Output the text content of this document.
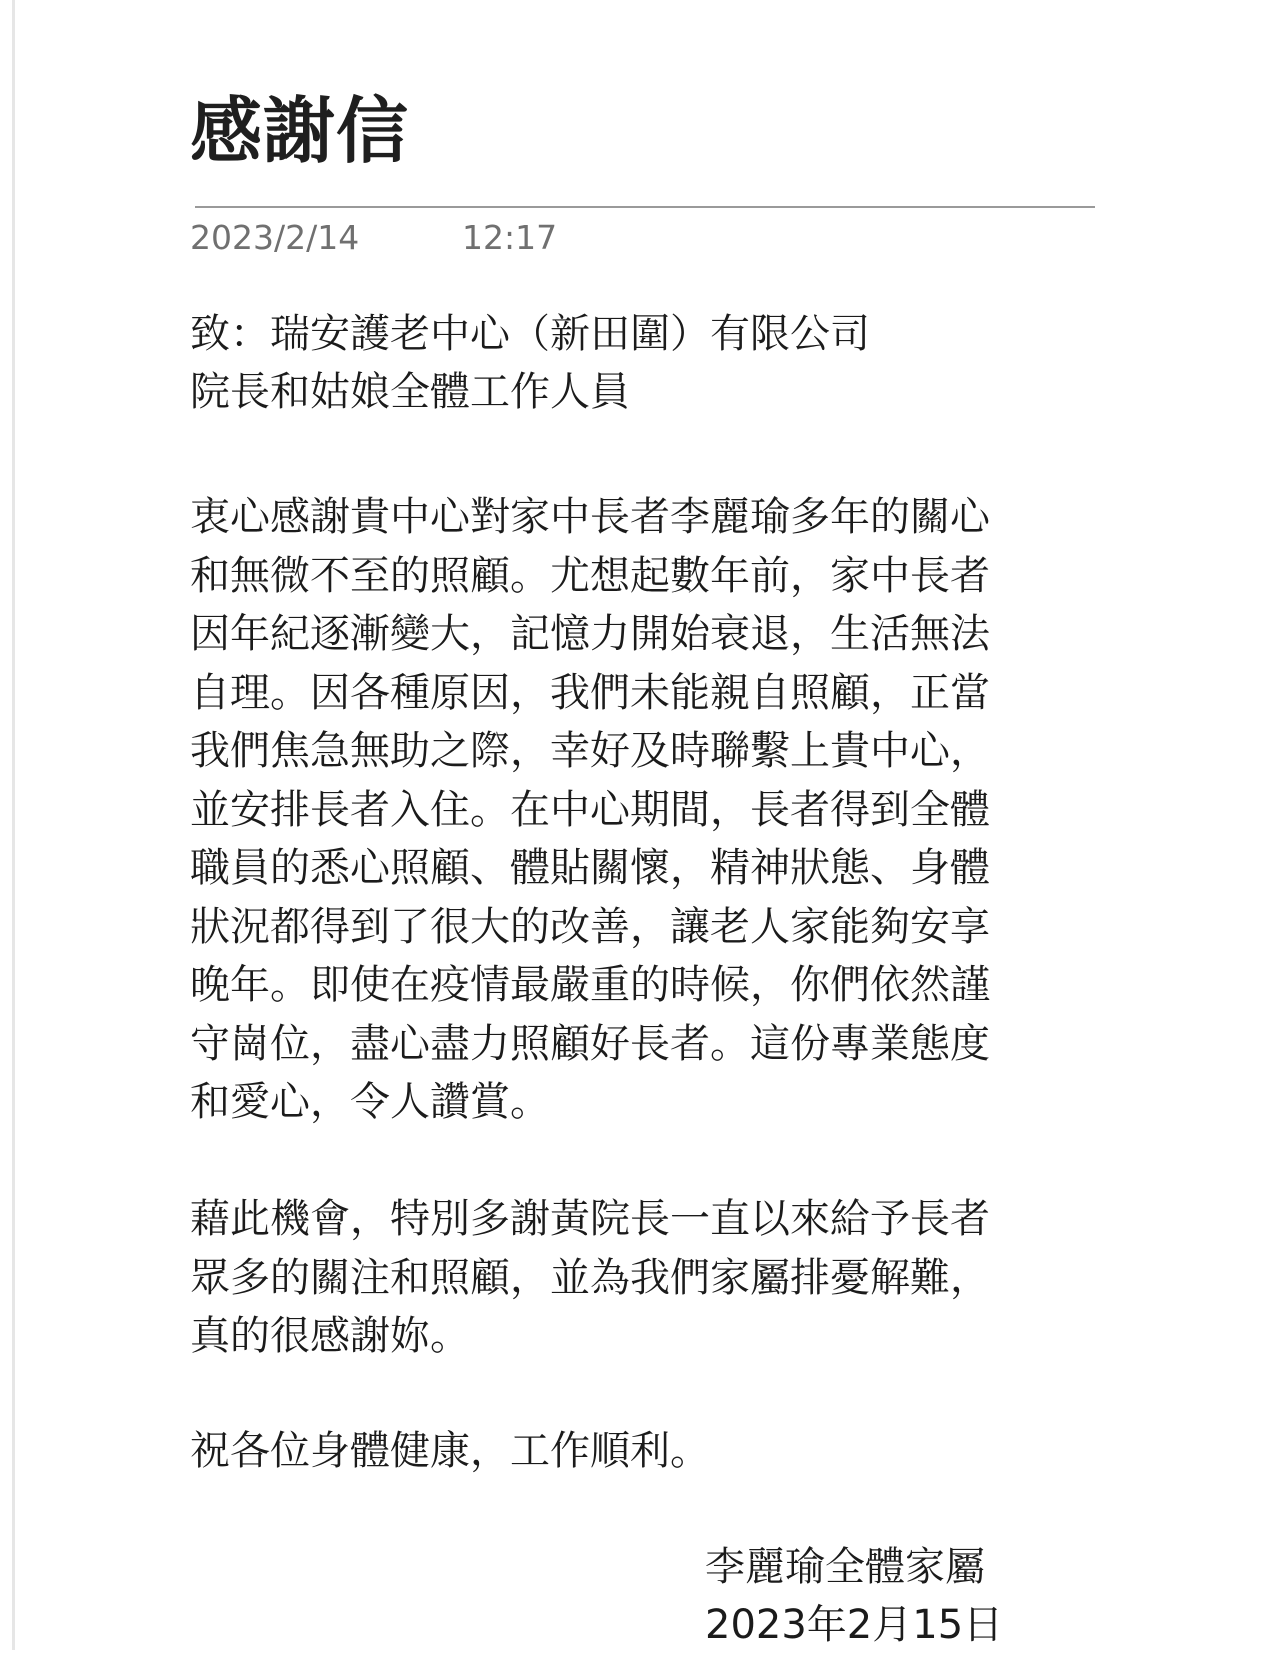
感謝信
2023/2/14	12:17
致：瑞安護老中心（新田圍）有限公司
院長和姑娘全體工作人員
衷心感謝貴中心對家中長者李麗瑜多年的關心
和無微不至的照顧。尤想起數年前，家中長者
因年紀逐漸變大，記憶力開始衰退，生活無法
自理。因各種原因，我們未能親自照顧，正當
我們焦急無助之際，幸好及時聯繫上貴中心，
並安排長者入住。在中心期間，長者得到全體
職員的悉心照顧、體貼關懷，精神狀態、身體
狀況都得到了很大的改善，讓老人家能夠安享
晚年。即使在疫情最嚴重的時候，你們依然謹
守崗位，盡心盡力照顧好長者。這份專業態度
和愛心，令人讚賞。
藉此機會，特別多謝黃院長一直以來給予長者
眾多的關注和照顧，並為我們家屬排憂解難，
真的很感謝妳。
祝各位身體健康，工作順利。
李麗瑜全體家屬
2023年2月15日
